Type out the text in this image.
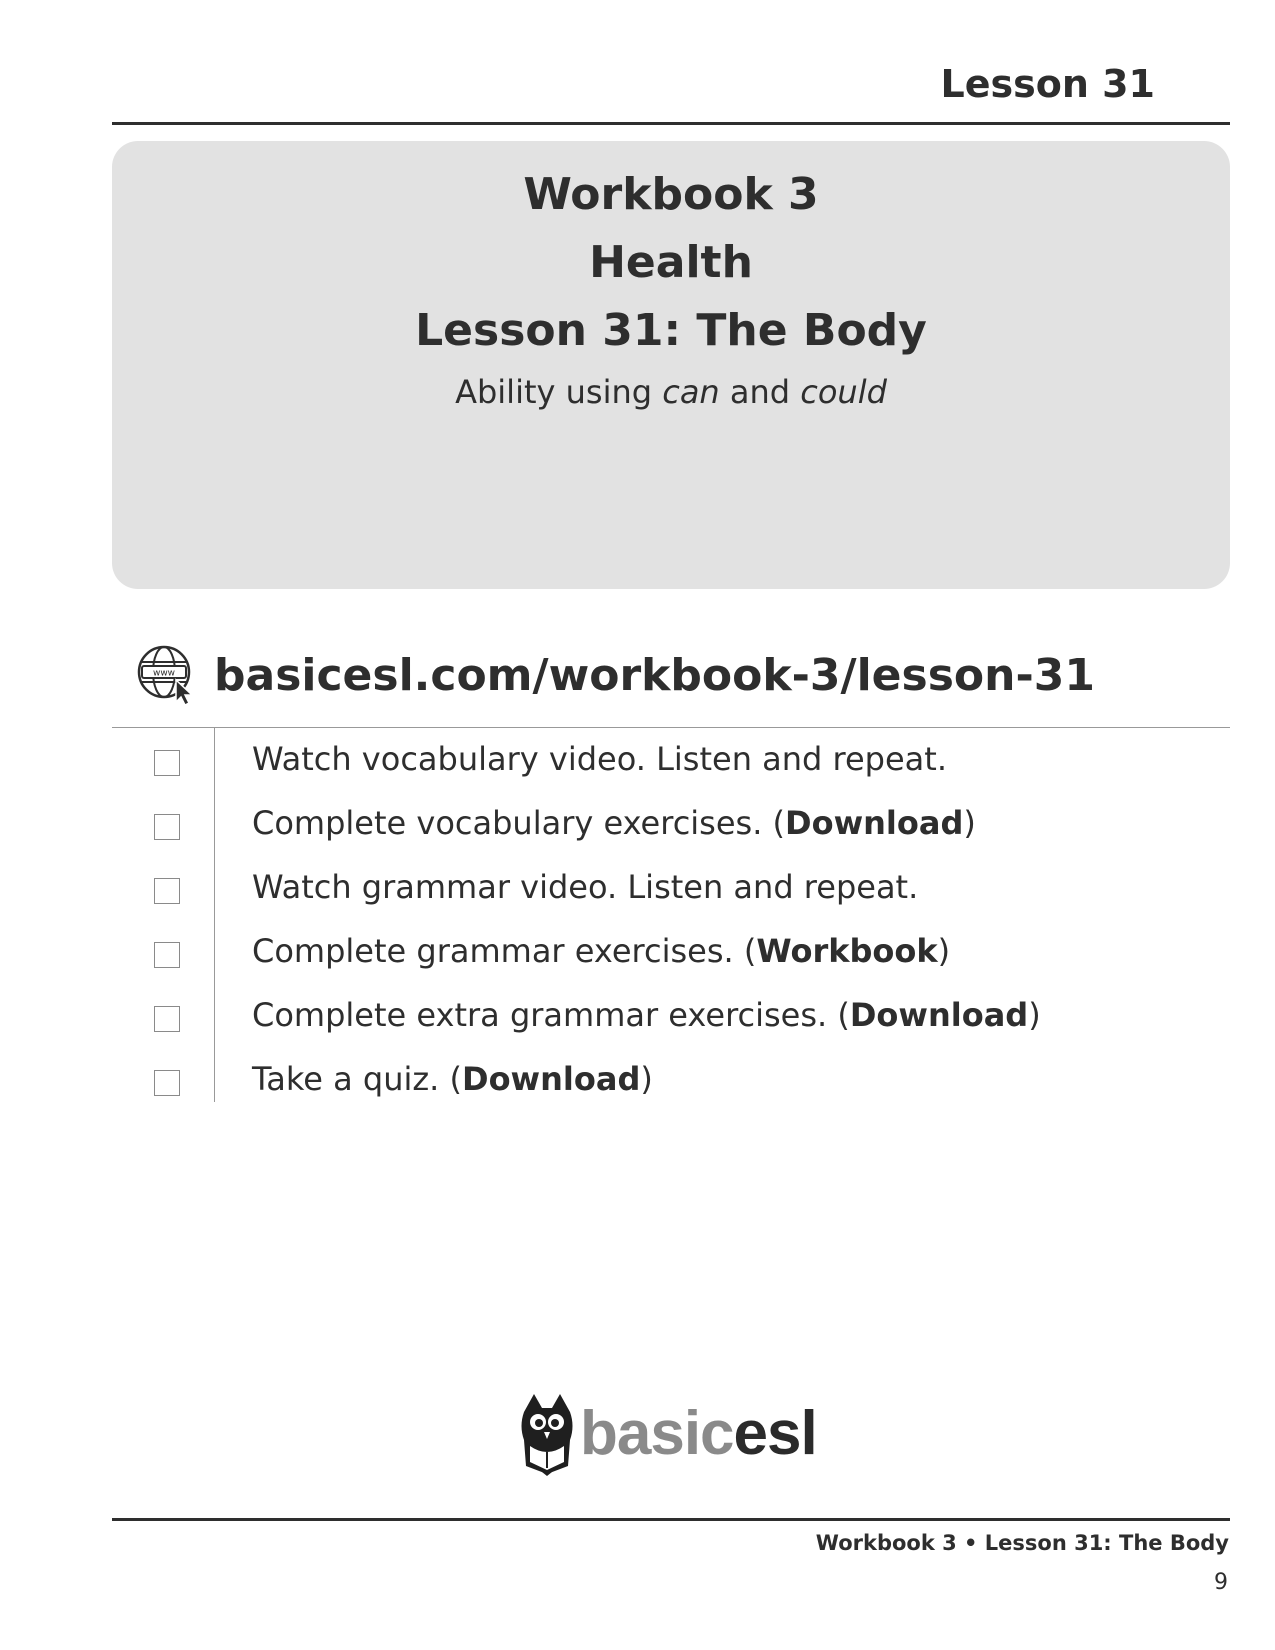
Lesson 31
Workbook 3
Health
Lesson 31: The Body
Ability using can and could
www basicesl.com/workbook-3/lesson-31
Watch vocabulary video. Listen and repeat.
Complete vocabulary exercises. (Download)
Watch grammar video. Listen and repeat.
Complete grammar exercises. (Workbook)
Complete extra grammar exercises. (Download)
Take a quiz. (Download)
basicesl
Workbook 3 • Lesson 31: The Body
9
